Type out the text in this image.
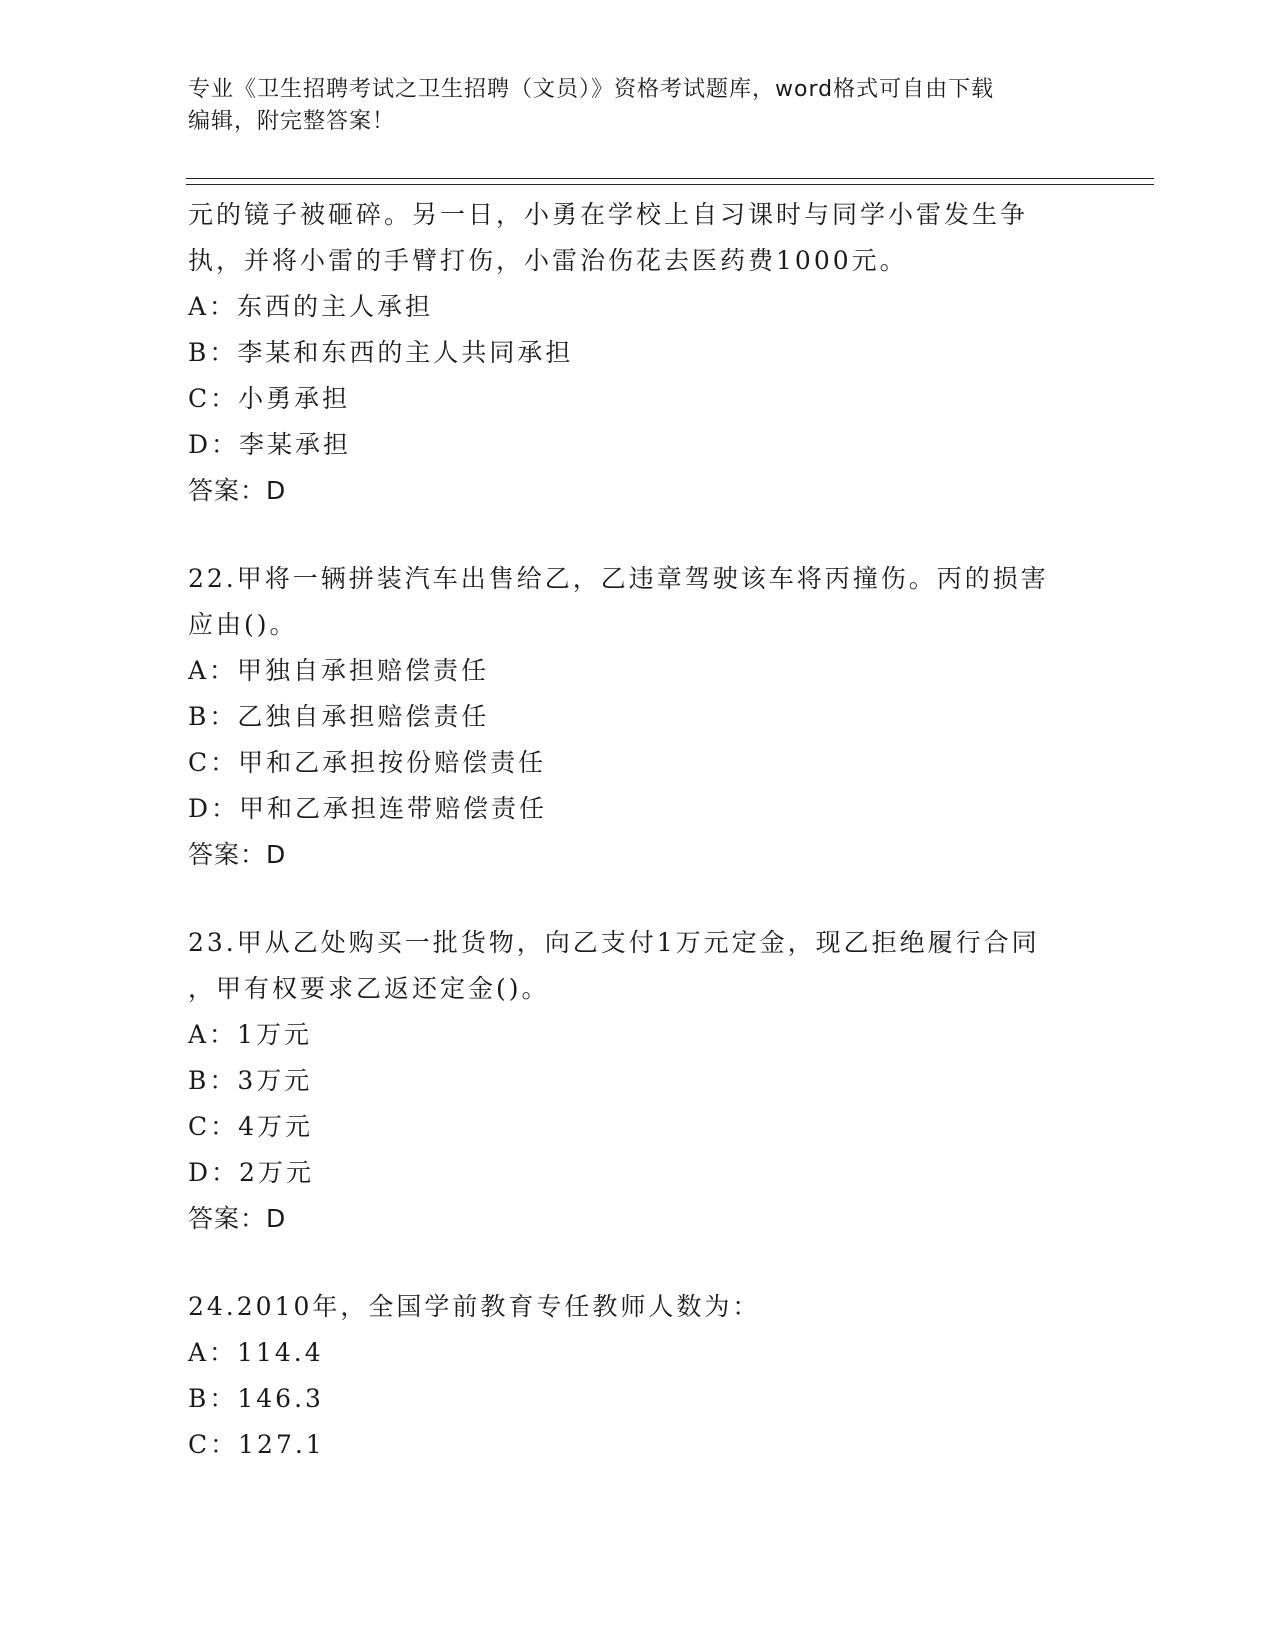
专业《卫生招聘考试之卫生招聘（文员）》资格考试题库，word格式可自由下载
编辑，附完整答案！
元的镜子被砸碎。另一日，小勇在学校上自习课时与同学小雷发生争
执，并将小雷的手臂打伤，小雷治伤花去医药费1000元。
A：东西的主人承担
B：李某和东西的主人共同承担
C：小勇承担
D：李某承担
答案：D
22.甲将一辆拼装汽车出售给乙，乙违章驾驶该车将丙撞伤。丙的损害
应由()。
A：甲独自承担赔偿责任
B：乙独自承担赔偿责任
C：甲和乙承担按份赔偿责任
D：甲和乙承担连带赔偿责任
答案：D
23.甲从乙处购买一批货物，向乙支付1万元定金，现乙拒绝履行合同
，甲有权要求乙返还定金()。
A：1万元
B：3万元
C：4万元
D：2万元
答案：D
24.2010年，全国学前教育专任教师人数为：
A：114.4
B：146.3
C：127.1
